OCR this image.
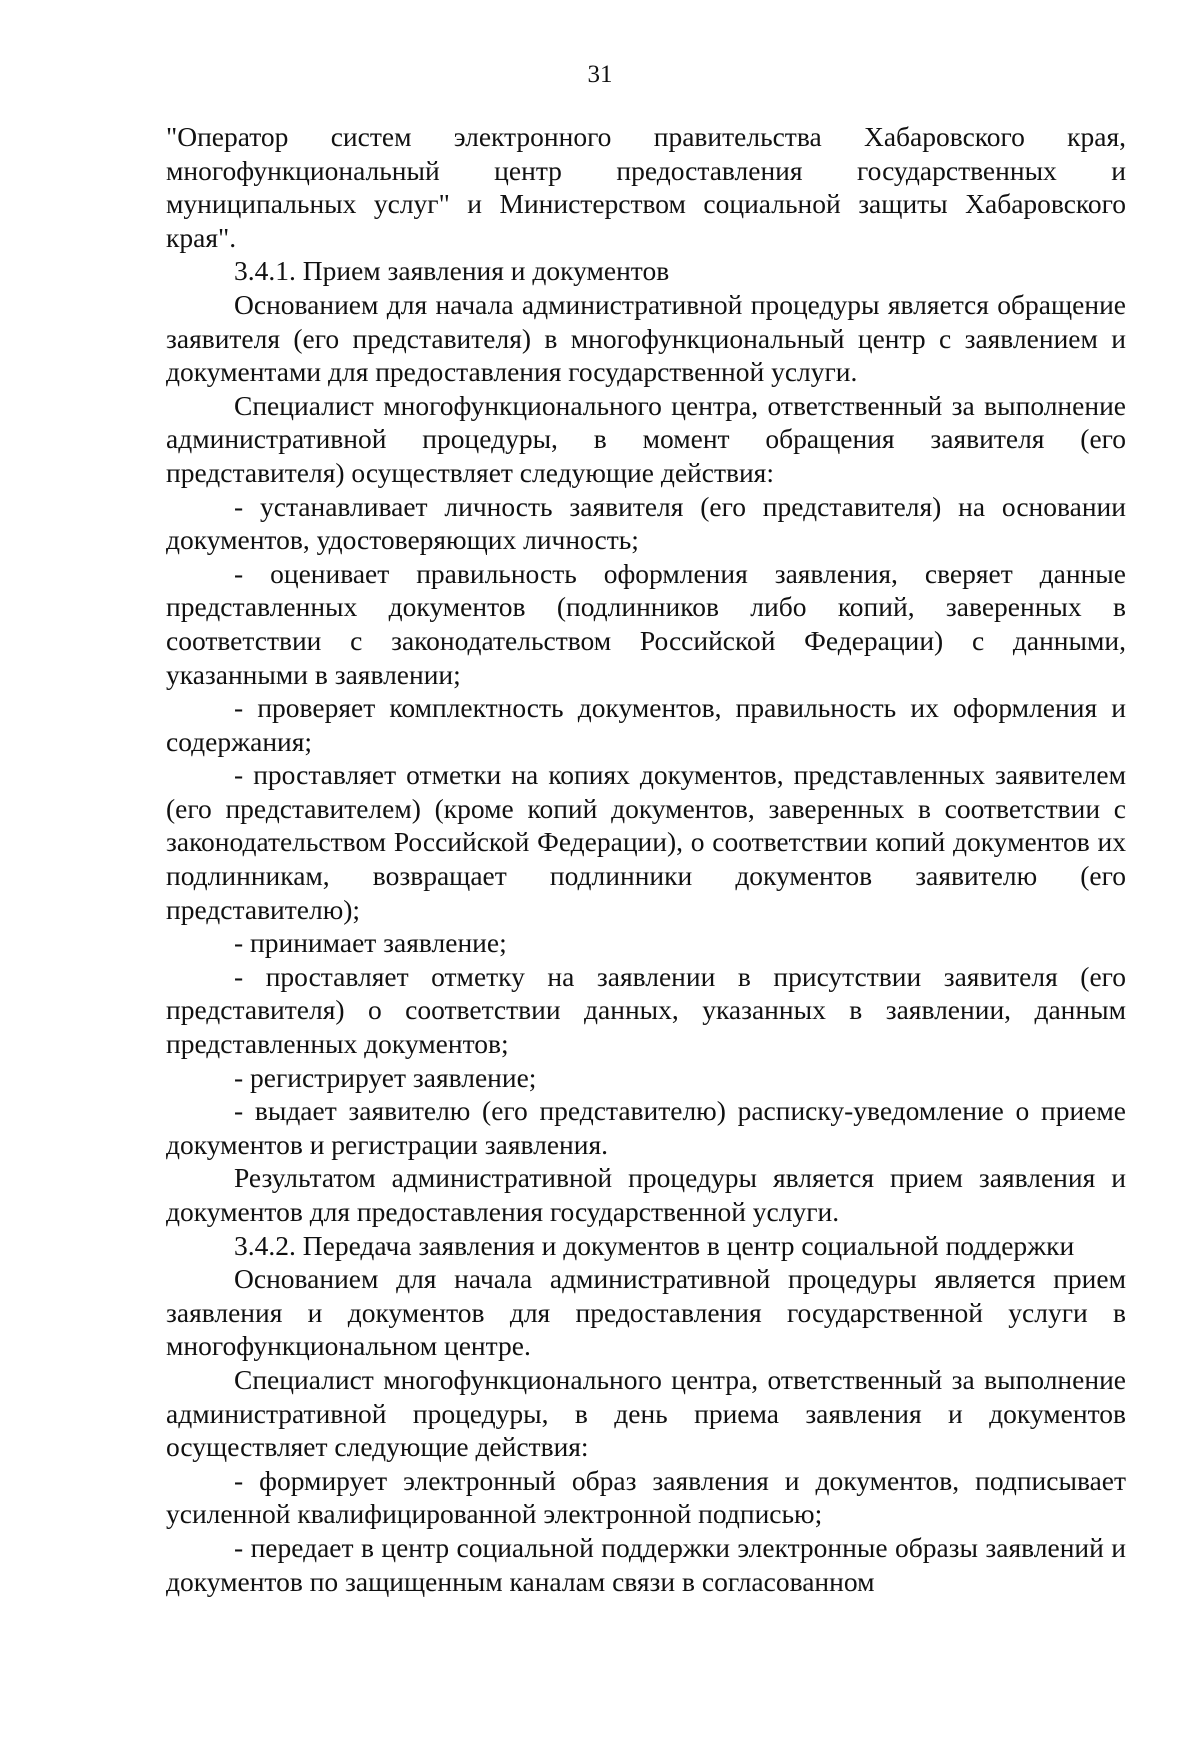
31

"Оператор систем электронного правительства Хабаровского края, многофункциональный центр предоставления государственных и муниципальных услуг" и Министерством социальной защиты Хабаровского края".

3.4.1. Прием заявления и документов

Основанием для начала административной процедуры является обращение заявителя (его представителя) в многофункциональный центр с заявлением и документами для предоставления государственной услуги.

Специалист многофункционального центра, ответственный за выполнение административной процедуры, в момент обращения заявителя (его представителя) осуществляет следующие действия:

- устанавливает личность заявителя (его представителя) на основании документов, удостоверяющих личность;

- оценивает правильность оформления заявления, сверяет данные представленных документов (подлинников либо копий, заверенных в соответствии с законодательством Российской Федерации) с данными, указанными в заявлении;

- проверяет комплектность документов, правильность их оформления и содержания;

- проставляет отметки на копиях документов, представленных заявителем (его представителем) (кроме копий документов, заверенных в соответствии с законодательством Российской Федерации), о соответствии копий документов их подлинникам, возвращает подлинники документов заявителю (его представителю);

- принимает заявление;

- проставляет отметку на заявлении в присутствии заявителя (его представителя) о соответствии данных, указанных в заявлении, данным представленных документов;

- регистрирует заявление;

- выдает заявителю (его представителю) расписку-уведомление о приеме документов и регистрации заявления.

Результатом административной процедуры является прием заявления и документов для предоставления государственной услуги.

3.4.2. Передача заявления и документов в центр социальной поддержки

Основанием для начала административной процедуры является прием заявления и документов для предоставления государственной услуги в многофункциональном центре.

Специалист многофункционального центра, ответственный за выполнение административной процедуры, в день приема заявления и документов осуществляет следующие действия:

- формирует электронный образ заявления и документов, подписывает усиленной квалифицированной электронной подписью;

- передает в центр социальной поддержки электронные образы заявлений и документов по защищенным каналам связи в согласованном
